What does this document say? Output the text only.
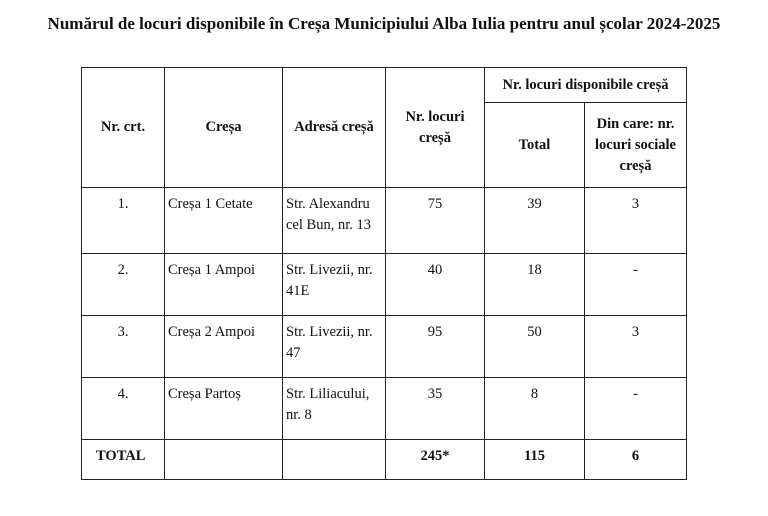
Numărul de locuri disponibile în Creșa Municipiului Alba Iulia pentru anul școlar 2024-2025
Nr. crt.	Creșa	Adresă creșă	Nr. locuri creșă	Nr. locuri disponibile creșă	
				Total	Din care: nr. locuri sociale creșă
1.	Creșa 1 Cetate	Str. Alexandru cel Bun, nr. 13	75	39	3
2.	Creșa 1 Ampoi	Str. Livezii, nr. 41E	40	18	-
3.	Creșa 2 Ampoi	Str. Livezii, nr. 47	95	50	3
4.	Creșa Partoș	Str. Liliacului, nr. 8	35	8	-
TOTAL			245*	115	6
